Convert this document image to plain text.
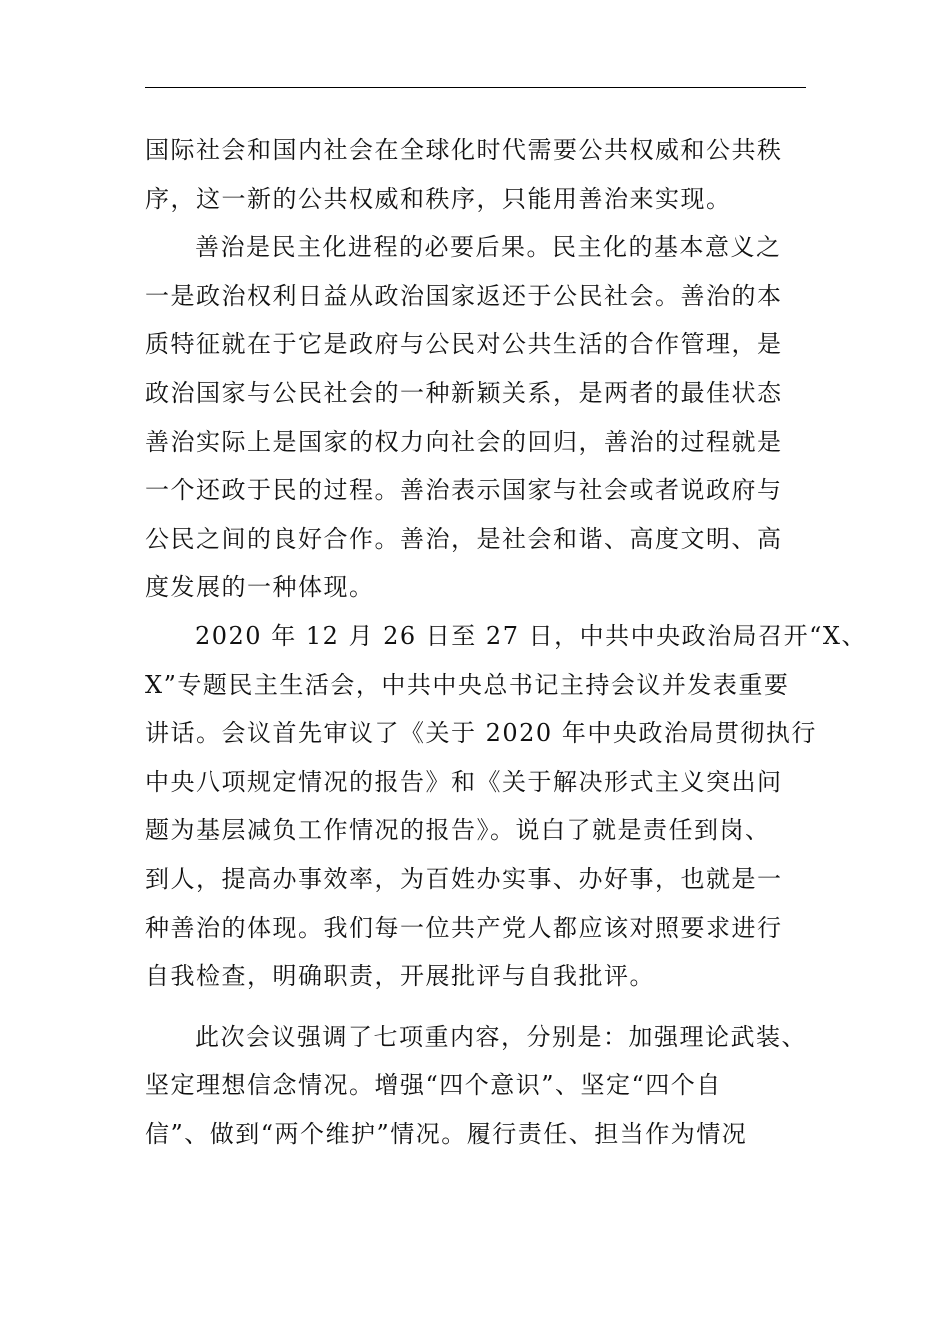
国际社会和国内社会在全球化时代需要公共权威和公共秩
序，这一新的公共权威和秩序，只能用善治来实现。
善治是民主化进程的必要后果。民主化的基本意义之
一是政治权利日益从政治国家返还于公民社会。善治的本
质特征就在于它是政府与公民对公共生活的合作管理，是
政治国家与公民社会的一种新颖关系，是两者的最佳状态
善治实际上是国家的权力向社会的回归，善治的过程就是
一个还政于民的过程。善治表示国家与社会或者说政府与
公民之间的良好合作。善治，是社会和谐、高度文明、高
度发展的一种体现。
2020 年 12 月 26 日至 27 日，中共中央政治局召开“X、
X”专题民主生活会，中共中央总书记主持会议并发表重要
讲话。会议首先审议了《关于 2020 年中央政治局贯彻执行
中央八项规定情况的报告》和《关于解决形式主义突出问
题为基层减负工作情况的报告》。说白了就是责任到岗、
到人，提高办事效率，为百姓办实事、办好事，也就是一
种善治的体现。我们每一位共产党人都应该对照要求进行
自我检查，明确职责，开展批评与自我批评。
此次会议强调了七项重内容，分别是：加强理论武装、
坚定理想信念情况。增强“四个意识”、坚定“四个自
信”、做到“两个维护”情况。履行责任、担当作为情况
